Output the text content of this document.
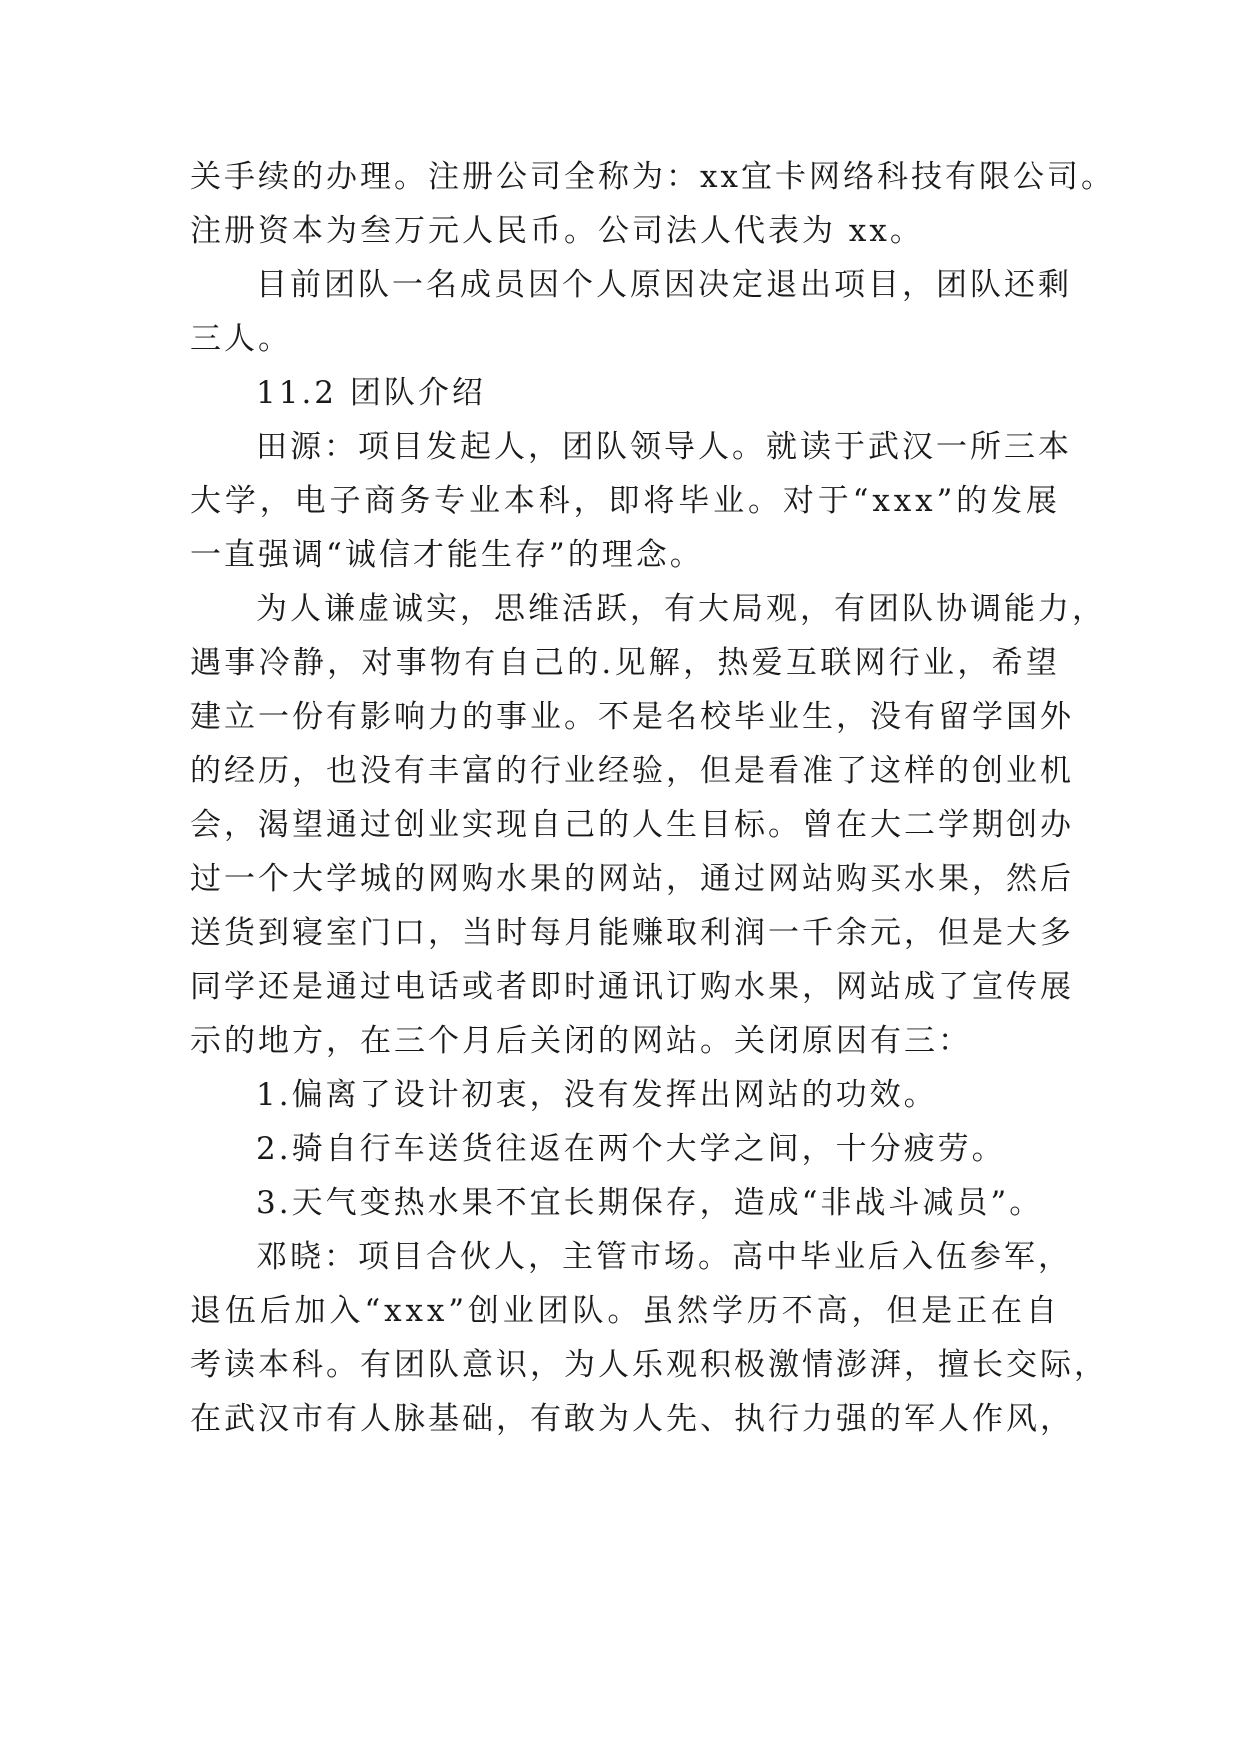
关 手 续 的 办 理 。 注 册 公 司 全 称 为 ： x x 宜 卡 网 络 科 技 有 限 公 司 。
注册资本为叁万元人民币。公司法人代表为 xx。
目 前 团 队 一 名 成 员 因 个 人 原 因 决 定 退 出 项 目 ， 团 队 还 剩
三人。
11.2 团队介绍
田 源 ： 项 目 发 起 人 ， 团 队 领 导 人 。 就 读 于 武 汉 一 所 三 本
大 学 ， 电 子 商 务 专 业 本 科 ， 即 将 毕 业 。 对 于 “ x x x ” 的 发 展
一直强调“诚信才能生存”的理念。
为 人 谦 虚 诚 实 ， 思 维 活 跃 ， 有 大 局 观 ， 有 团 队 协 调 能 力 ，
遇 事 冷 静 ， 对 事 物 有 自 己 的 . 见 解 ， 热 爱 互 联 网 行 业 ， 希 望
建 立 一 份 有 影 响 力 的 事 业 。 不 是 名 校 毕 业 生 ， 没 有 留 学 国 外
的 经 历 ， 也 没 有 丰 富 的 行 业 经 验 ， 但 是 看 准 了 这 样 的 创 业 机
会 ， 渴 望 通 过 创 业 实 现 自 己 的 人 生 目 标 。 曾 在 大 二 学 期 创 办
过 一 个 大 学 城 的 网 购 水 果 的 网 站 ， 通 过 网 站 购 买 水 果 ， 然 后
送 货 到 寝 室 门 口 ， 当 时 每 月 能 赚 取 利 润 一 千 余 元 ， 但 是 大 多
同 学 还 是 通 过 电 话 或 者 即 时 通 讯 订 购 水 果 ， 网 站 成 了 宣 传 展
示的地方，在三个月后关闭的网站。关闭原因有三：
1.偏离了设计初衷，没有发挥出网站的功效。
2.骑自行车送货往返在两个大学之间，十分疲劳。
3.天气变热水果不宜长期保存，造成“非战斗减员”。
邓 晓 ： 项 目 合 伙 人 ， 主 管 市 场 。 高 中 毕 业 后 入 伍 参 军 ，
退 伍 后 加 入 “ x x x ” 创 业 团 队 。 虽 然 学 历 不 高 ， 但 是 正 在 自
考 读 本 科 。 有 团 队 意 识 ， 为 人 乐 观 积 极 激 情 澎 湃 ， 擅 长 交 际 ，
在 武 汉 市 有 人 脉 基 础 ， 有 敢 为 人 先 、 执 行 力 强 的 军 人 作 风 ，
